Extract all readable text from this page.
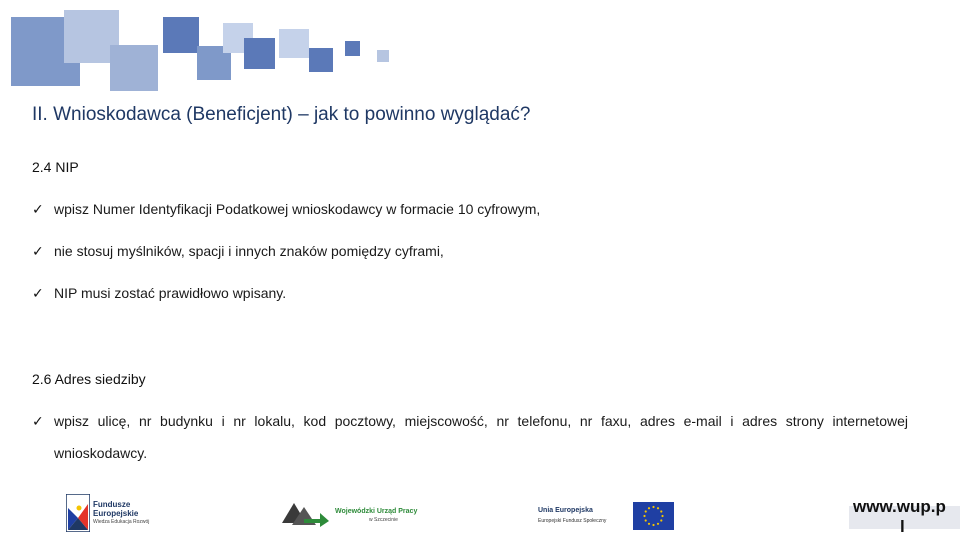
II. Wnioskodawca (Beneficjent) – jak to powinno wyglądać?
2.4 NIP
✓ wpisz Numer Identyfikacji Podatkowej wnioskodawcy w formacie 10 cyfrowym,
✓ nie stosuj myślników, spacji i innych znaków pomiędzy cyframi,
✓ NIP musi zostać prawidłowo wpisany.
2.6 Adres siedziby
✓ wpisz ulicę, nr budynku i nr lokalu, kod pocztowy, miejscowość, nr telefonu, nr faxu, adres e-mail i adres strony internetowej wnioskodawcy.
Fundusze
Europejskie
Wiedza Edukacja Rozwój
Wojewódzki Urząd Pracy
w Szczecinie
Unia Europejska
Europejski Fundusz Społeczny
www.wup.p
l
